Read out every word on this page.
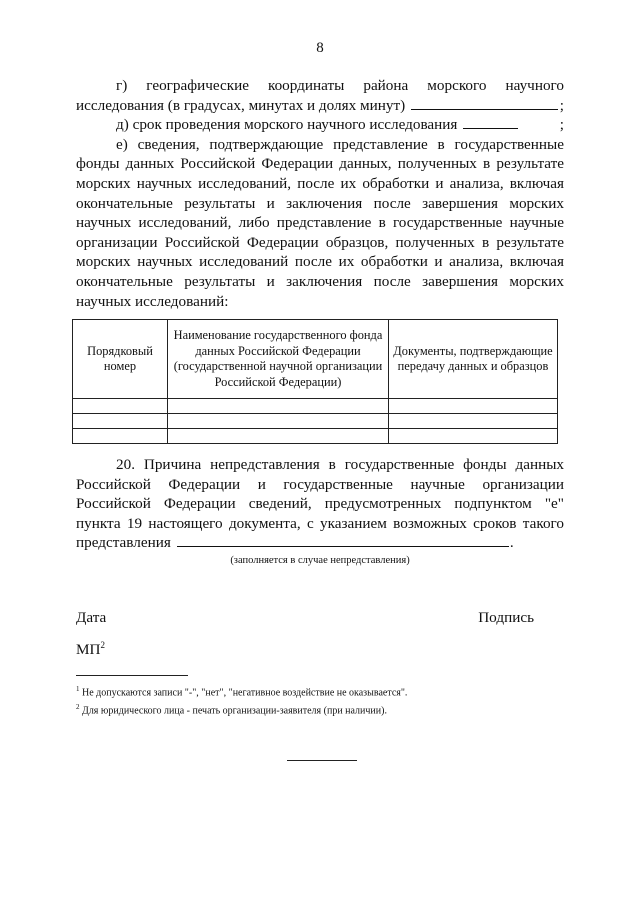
8
г) географические координаты района морского научного
исследования (в градусах, минутах и долях минут)	;
д) срок проведения морского научного исследования	;
е) сведения, подтверждающие представление в государственные
фонды данных Российской Федерации данных, полученных в результате морских научных исследований, после их обработки и анализа, включая окончательные результаты и заключения после завершения морских научных исследований, либо представление в государственные научные организации Российской Федерации образцов, полученных в результате морских научных исследований после их обработки и анализа, включая окончательные результаты и заключения после завершения морских научных исследований:
Порядковый номер	Наименование государственного фонда данных Российской Федерации (государственной научной организации Российской Федерации)	Документы, подтверждающие передачу данных и образцов

20. Причина непредставления в государственные фонды данных
Российской Федерации и государственные научные организации Российской Федерации сведений, предусмотренных подпунктом "е" пункта 19 настоящего документа, с указанием возможных сроков такого
представления	.
(заполняется в случае непредставления)
Дата	Подпись
$МП^2$
$^1$ Не допускаются записи "-", "нет", "негативное воздействие не оказывается".
$^2$ Для юридического лица - печать организации-заявителя (при наличии).
